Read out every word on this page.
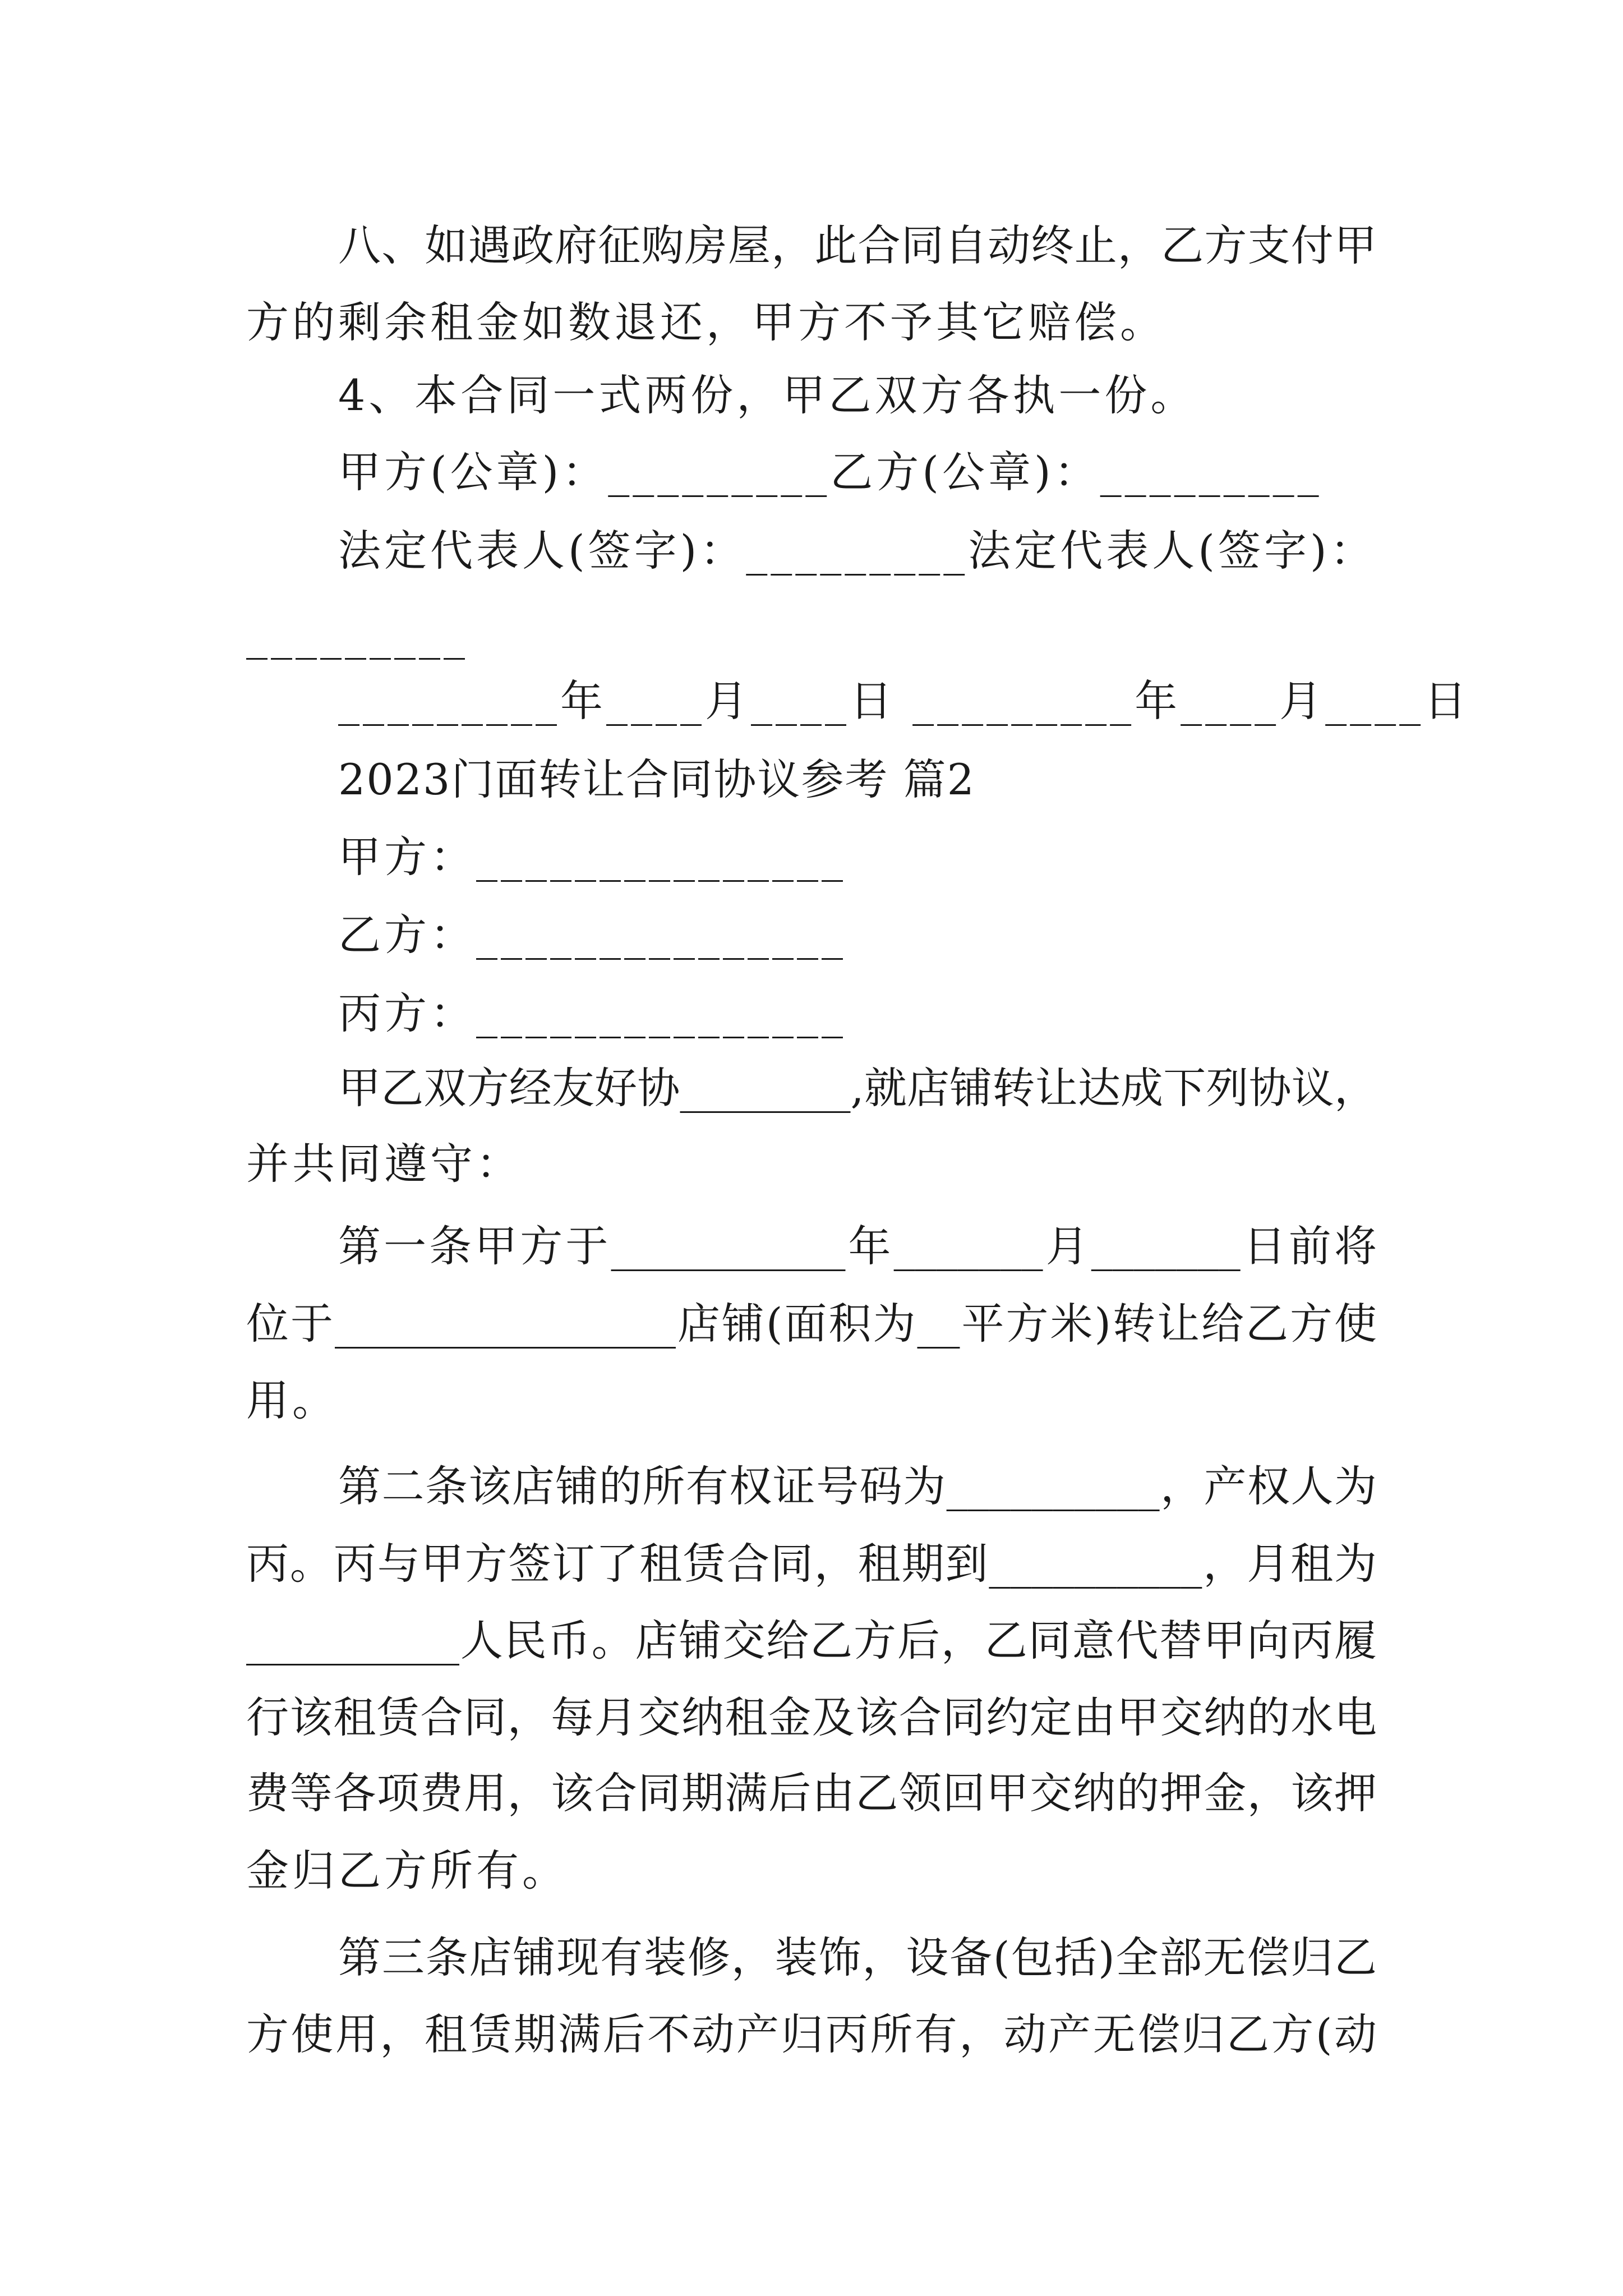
八、如遇政府征购房屋，此合同自动终止，乙方支付甲
方的剩余租金如数退还，甲方不予其它赔偿。
4、本合同一式两份，甲乙双方各执一份。
甲方(公章)：_________乙方(公章)：_________
法定代表人(签字)：_________法定代表人(签字)：
_________
_________年____月____日 _________年____月____日
2023门面转让合同协议参考 篇2
甲方：_______________
乙方：_______________
丙方：_______________
甲乙双方经友好协________,就店铺转让达成下列协议，
并共同遵守：
第一条甲方于___________年_______月_______日前将
位于________________店铺(面积为__平方米)转让给乙方使
用。
第二条该店铺的所有权证号码为__________，产权人为
丙。丙与甲方签订了租赁合同，租期到__________，月租为
__________人民币。店铺交给乙方后，乙同意代替甲向丙履
行该租赁合同，每月交纳租金及该合同约定由甲交纳的水电
费等各项费用，该合同期满后由乙领回甲交纳的押金，该押
金归乙方所有。
第三条店铺现有装修，装饰，设备(包括)全部无偿归乙
方使用，租赁期满后不动产归丙所有，动产无偿归乙方(动
